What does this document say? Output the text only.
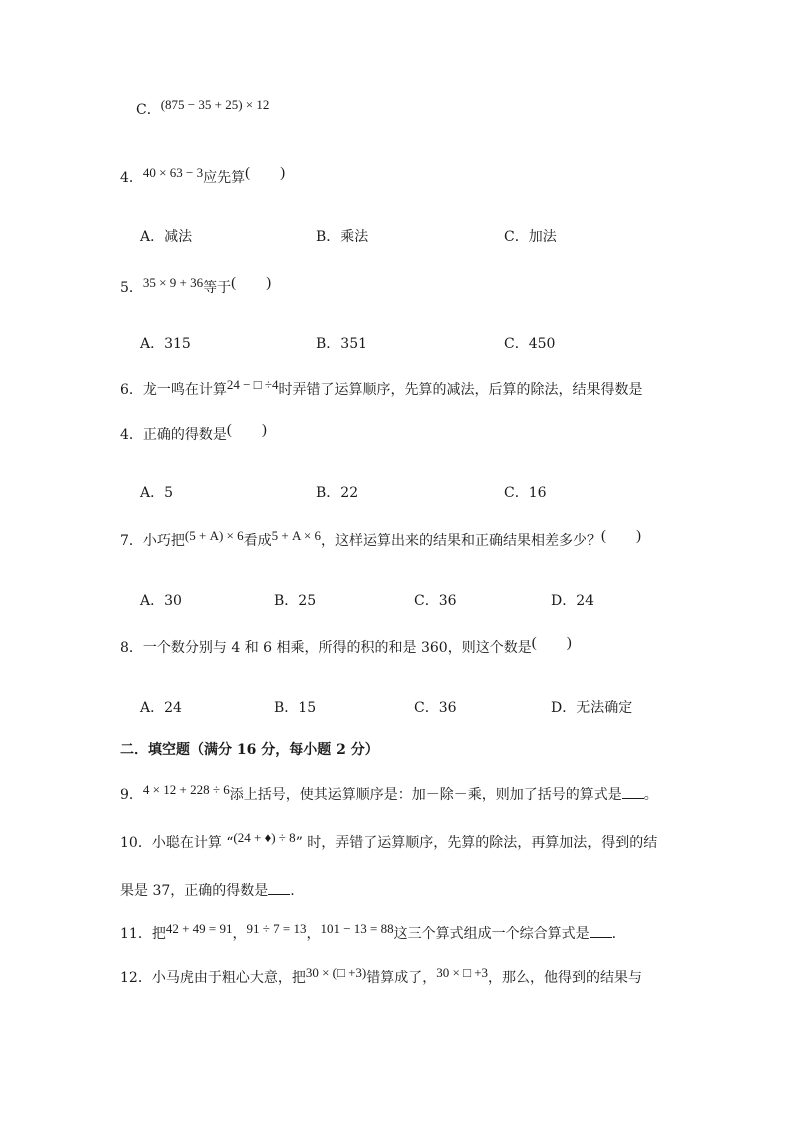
C．(875 − 35 + 25) × 12
4．40 × 63 − 3应先算(　　)
A．减法	B．乘法	C．加法
5．35 × 9 + 36等于(　　)
A．315	B．351	C．450
6．龙一鸣在计算24 − □ ÷4时弄错了运算顺序，先算的减法，后算的除法，结果得数是
4．正确的得数是(　　)
A．5	B．22	C．16
7．小巧把(5 + A) × 6看成5 + A × 6，这样运算出来的结果和正确结果相差多少？(　　)
A．30	B．25	C．36	D．24
8．一个数分别与 4 和 6 相乘，所得的积的和是 360，则这个数是(　　)
A．24	B．15	C．36	D．无法确定
二．填空题（满分 16 分，每小题 2 分）
9．4 × 12 + 228 ÷ 6添上括号，使其运算顺序是：加－除－乘，则加了括号的算式是 。
10．小聪在计算 “(24 + ♦) ÷ 8” 时，弄错了运算顺序，先算的除法，再算加法，得到的结
果是 37，正确的得数是 .
11．把42 + 49 = 91，91 ÷ 7 = 13，101 − 13 = 88这三个算式组成一个综合算式是 .
12．小马虎由于粗心大意，把30 × (□ +3)错算成了，30 × □ +3，那么，他得到的结果与
